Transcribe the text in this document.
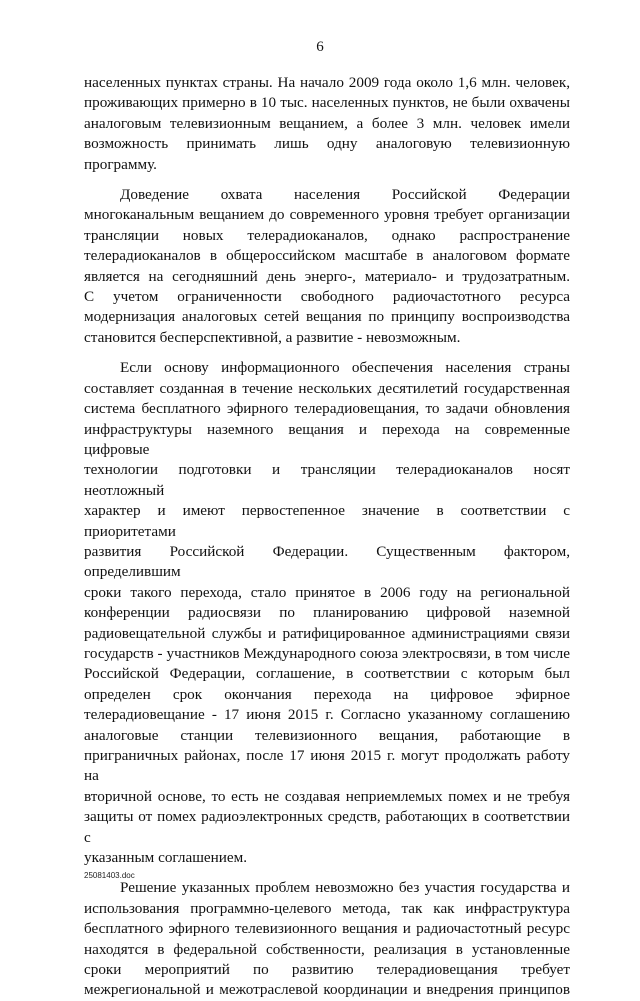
6

населенных пунктах страны. На начало 2009 года около 1,6 млн. человек,

проживающих примерно в 10 тыс. населенных пунктов, не были охвачены

аналоговым телевизионным вещанием, а более 3 млн. человек имели

возможность принимать лишь одну аналоговую телевизионную

программу.

Доведение охвата населения Российской Федерации

многоканальным вещанием до современного уровня требует организации

трансляции новых телерадиоканалов, однако распространение

телерадиоканалов в общероссийском масштабе в аналоговом формате

является на сегодняшний день энерго-, материало- и трудозатратным.

С учетом ограниченности свободного радиочастотного ресурса

модернизация аналоговых сетей вещания по принципу воспроизводства

становится бесперспективной, а развитие - невозможным.

Если основу информационного обеспечения населения страны

составляет созданная в течение нескольких десятилетий государственная

система бесплатного эфирного телерадиовещания, то задачи обновления

инфраструктуры наземного вещания и перехода на современные цифровые

технологии подготовки и трансляции телерадиоканалов носят неотложный

характер и имеют первостепенное значение в соответствии с приоритетами

развития Российской Федерации. Существенным фактором, определившим

сроки такого перехода, стало принятое в 2006 году на региональной

конференции радиосвязи по планированию цифровой наземной

радиовещательной службы и ратифицированное администрациями связи

государств - участников Международного союза электросвязи, в том числе

Российской Федерации, соглашение, в соответствии с которым был

определен срок окончания перехода на цифровое эфирное

телерадиовещание - 17 июня 2015 г. Согласно указанному соглашению

аналоговые станции телевизионного вещания, работающие в

приграничных районах, после 17 июня 2015 г. могут продолжать работу на

вторичной основе, то есть не создавая неприемлемых помех и не требуя

защиты от помех радиоэлектронных средств, работающих в соответствии с

указанным соглашением.

Решение указанных проблем невозможно без участия государства и

использования программно-целевого метода, так как инфраструктура

бесплатного эфирного телевизионного вещания и радиочастотный ресурс

находятся в федеральной собственности, реализация в установленные

сроки мероприятий по развитию телерадиовещания требует

межрегиональной и межотраслевой координации и внедрения принципов

25081403.doc
